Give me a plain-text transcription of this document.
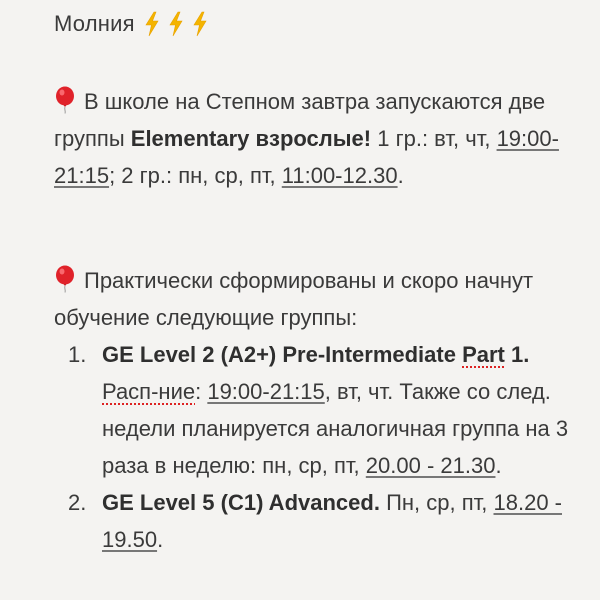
Молния
В школе на Степном завтра запускаются две группы Elementary взрослые! 1 гр.: вт, чт, 19:00-21:15; 2 гр.: пн, ср, пт, 11:00-12.30.
Практически сформированы и скоро начнут обучение следующие группы:
1. GE Level 2 (A2+) Pre-Intermediate Part 1. Расп-ние: 19:00-21:15, вт, чт. Также со след. недели планируется аналогичная группа на 3 раза в неделю: пн, ср, пт, 20.00 - 21.30.
2. GE Level 5 (C1) Advanced. Пн, ср, пт, 18.20 - 19.50.
